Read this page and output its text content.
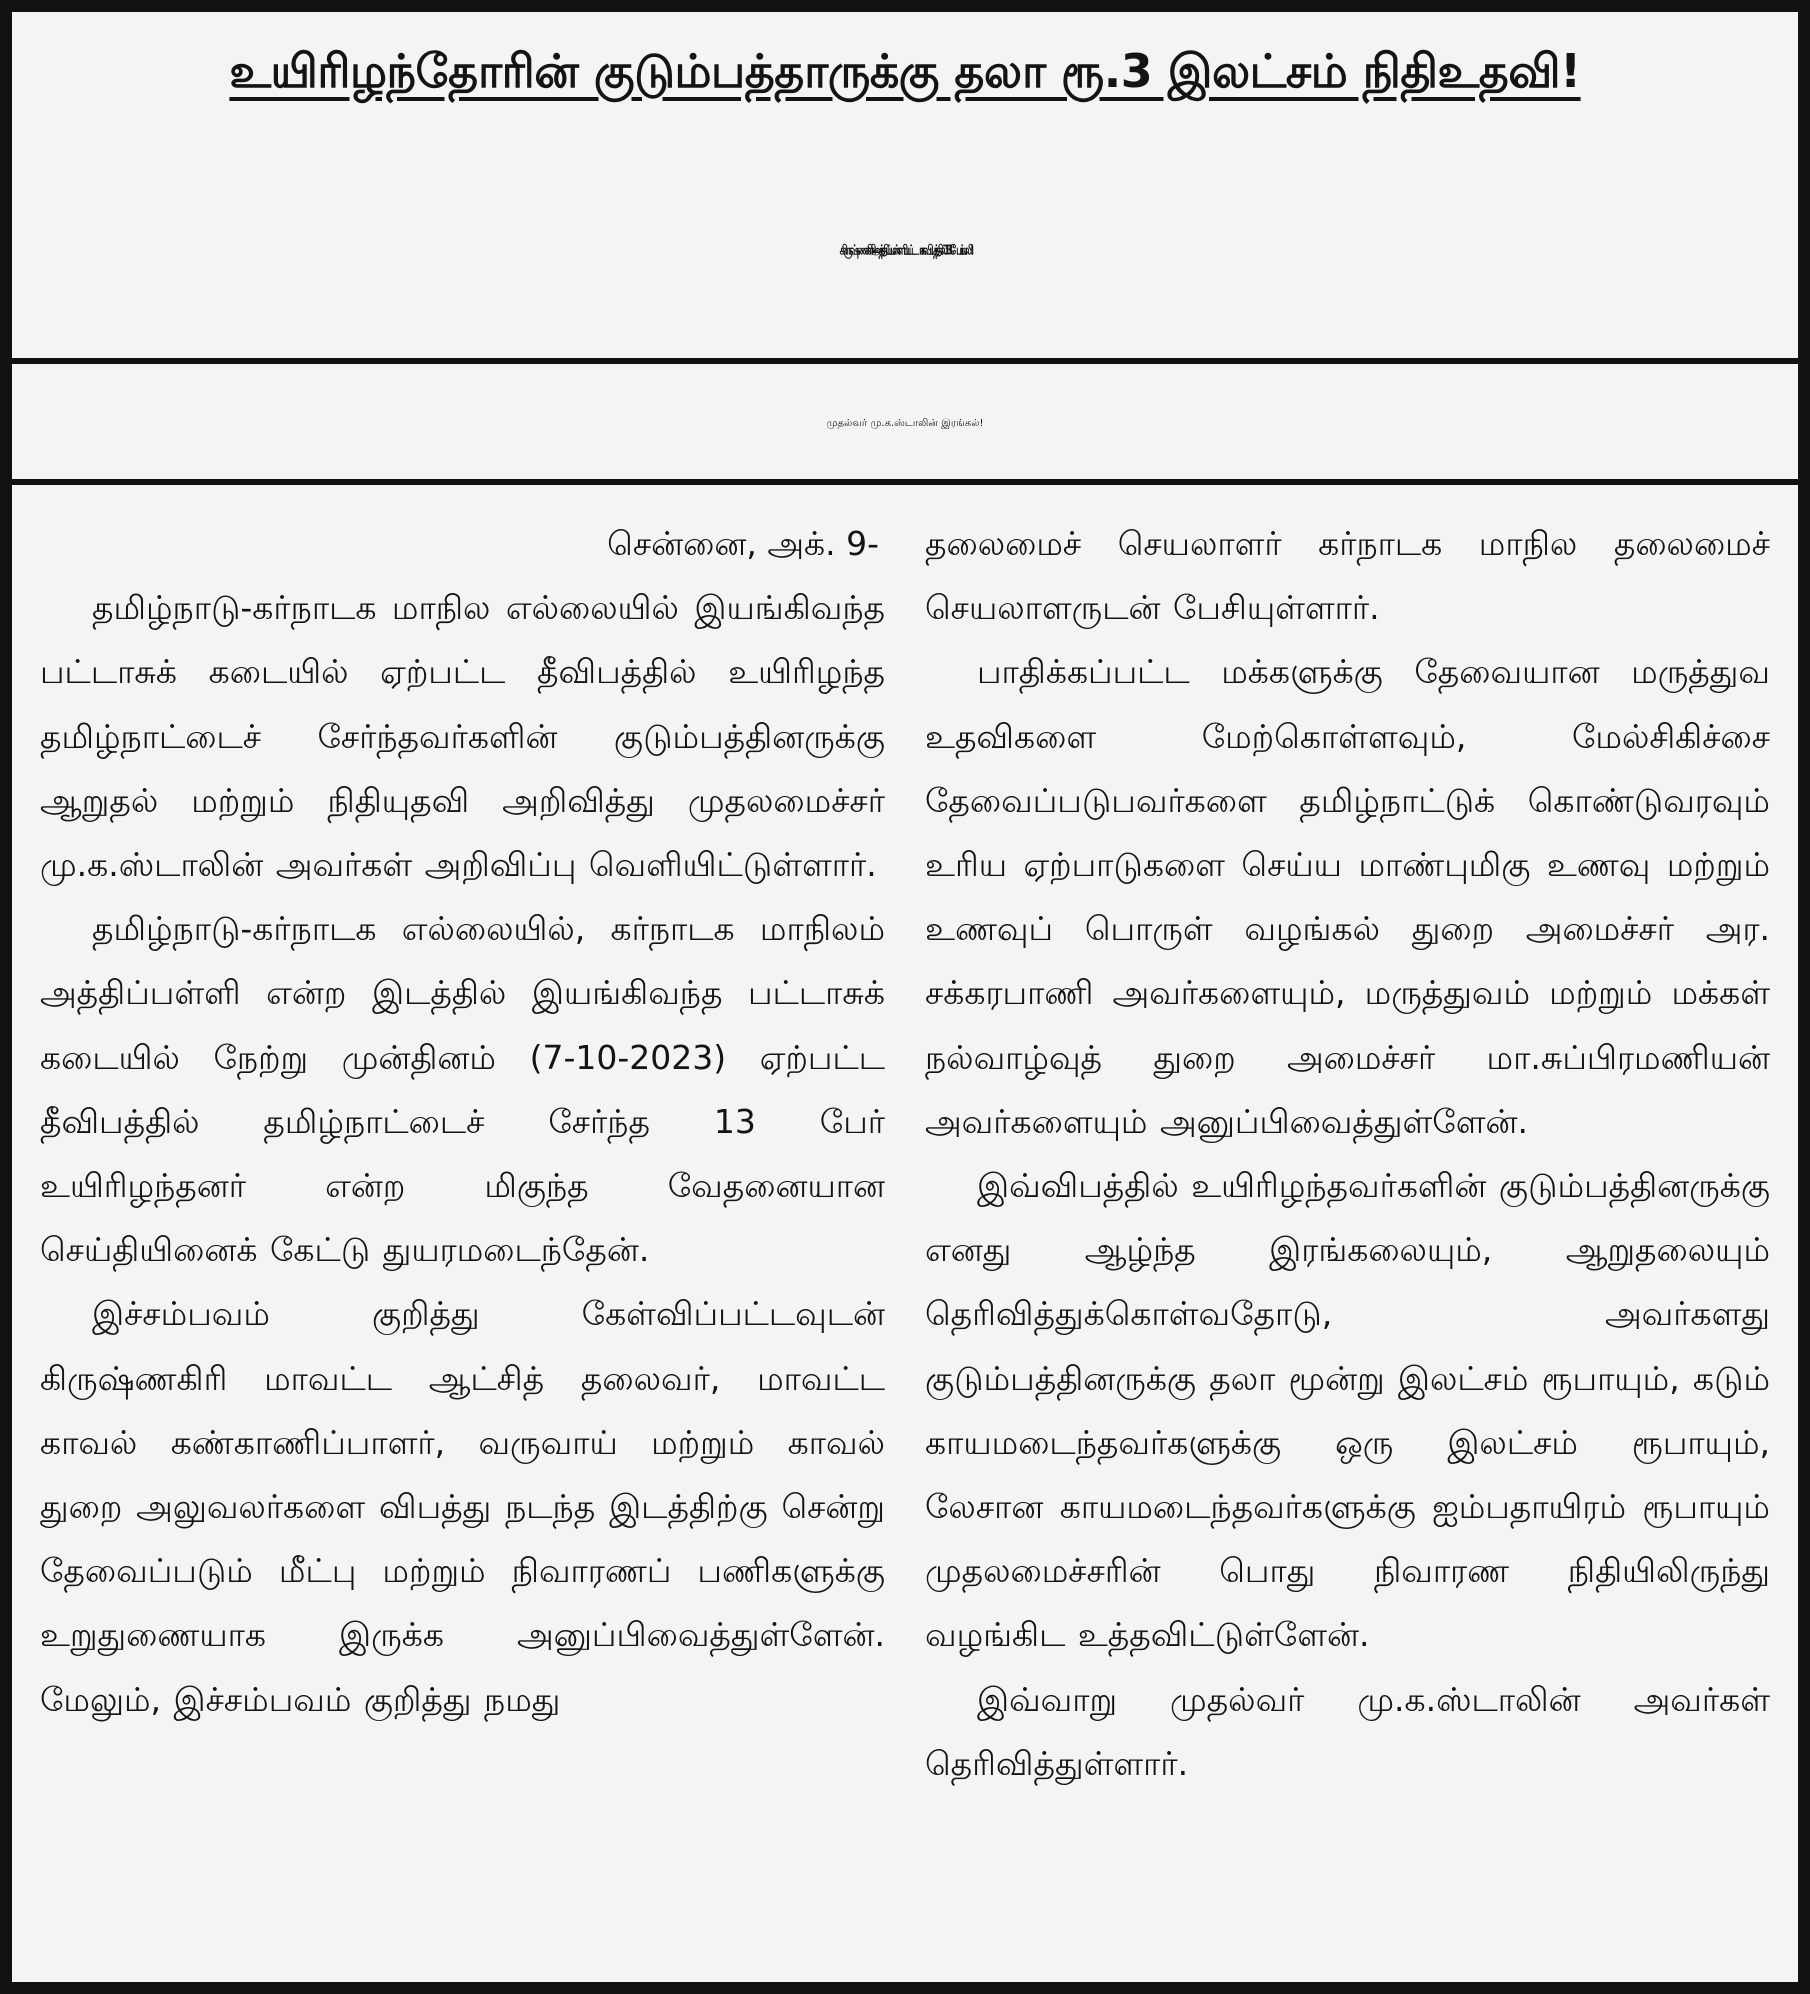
உயிரிழந்தோரின் குடும்பத்தாருக்கு தலா ரூ.3 இலட்சம் நிதிஉதவி!
கிருஷ்ணகிரி - அத்திப்பள்ளி பட்டாசு விபத்தில் 13 பேர் பலி!
முதல்வர் மு.க.ஸ்டாலின் இரங்கல்!

சென்னை, அக். 9-

தமிழ்நாடு-கர்நாடக மாநில எல்லையில் இயங்கிவந்த பட்டாசுக் கடையில் ஏற்பட்ட தீவிபத்தில் உயிரிழந்த தமிழ்நாட்டைச் சேர்ந்தவர்களின் குடும்பத்தினருக்கு ஆறுதல் மற்றும் நிதியுதவி அறிவித்து முதலமைச்சர் மு.க.ஸ்டாலின் அவர்கள் அறிவிப்பு வெளியிட்டுள்ளார்.

தமிழ்நாடு-கர்நாடக எல்லையில், கர்நாடக மாநிலம் அத்திப்பள்ளி என்ற இடத்தில் இயங்கிவந்த பட்டாசுக் கடையில் நேற்று முன்தினம் (7-10-2023) ஏற்பட்ட தீவிபத்தில் தமிழ்நாட்டைச் சேர்ந்த 13 பேர் உயிரிழந்தனர் என்ற மிகுந்த வேதனையான செய்தியினைக் கேட்டு துயரமடைந்தேன்.

இச்சம்பவம் குறித்து கேள்விப்பட்டவுடன் கிருஷ்ணகிரி மாவட்ட ஆட்சித் தலைவர், மாவட்ட காவல் கண்காணிப்பாளர், வருவாய் மற்றும் காவல் துறை அலுவலர்களை விபத்து நடந்த இடத்திற்கு சென்று தேவைப்படும் மீட்பு மற்றும் நிவாரணப் பணிகளுக்கு உறுதுணையாக இருக்க அனுப்பிவைத்துள்ளேன். மேலும், இச்சம்பவம் குறித்து நமது

தலைமைச் செயலாளர் கர்நாடக மாநில தலைமைச் செயலாளருடன் பேசியுள்ளார்.

பாதிக்கப்பட்ட மக்களுக்கு தேவையான மருத்துவ உதவிகளை மேற்கொள்ளவும், மேல்சிகிச்சை தேவைப்படுபவர்களை தமிழ்நாட்டுக் கொண்டுவரவும் உரிய ஏற்பாடுகளை செய்ய மாண்புமிகு உணவு மற்றும் உணவுப் பொருள் வழங்கல் துறை அமைச்சர் அர. சக்கரபாணி அவர்களையும், மருத்துவம் மற்றும் மக்கள் நல்வாழ்வுத் துறை அமைச்சர் மா.சுப்பிரமணியன் அவர்களையும் அனுப்பிவைத்துள்ளேன்.

இவ்விபத்தில் உயிரிழந்தவர்களின் குடும்பத்தினருக்கு எனது ஆழ்ந்த இரங்கலையும், ஆறுதலையும் தெரிவித்துக்கொள்வதோடு, அவர்களது குடும்பத்தினருக்கு தலா மூன்று இலட்சம் ரூபாயும், கடும் காயமடைந்தவர்களுக்கு ஒரு இலட்சம் ரூபாயும், லேசான காயமடைந்தவர்களுக்கு ஐம்பதாயிரம் ரூபாயும் முதலமைச்சரின் பொது நிவாரண நிதியிலிருந்து வழங்கிட உத்தவிட்டுள்ளேன்.

இவ்வாறு முதல்வர் மு.க.ஸ்டாலின் அவர்கள் தெரிவித்துள்ளார்.
